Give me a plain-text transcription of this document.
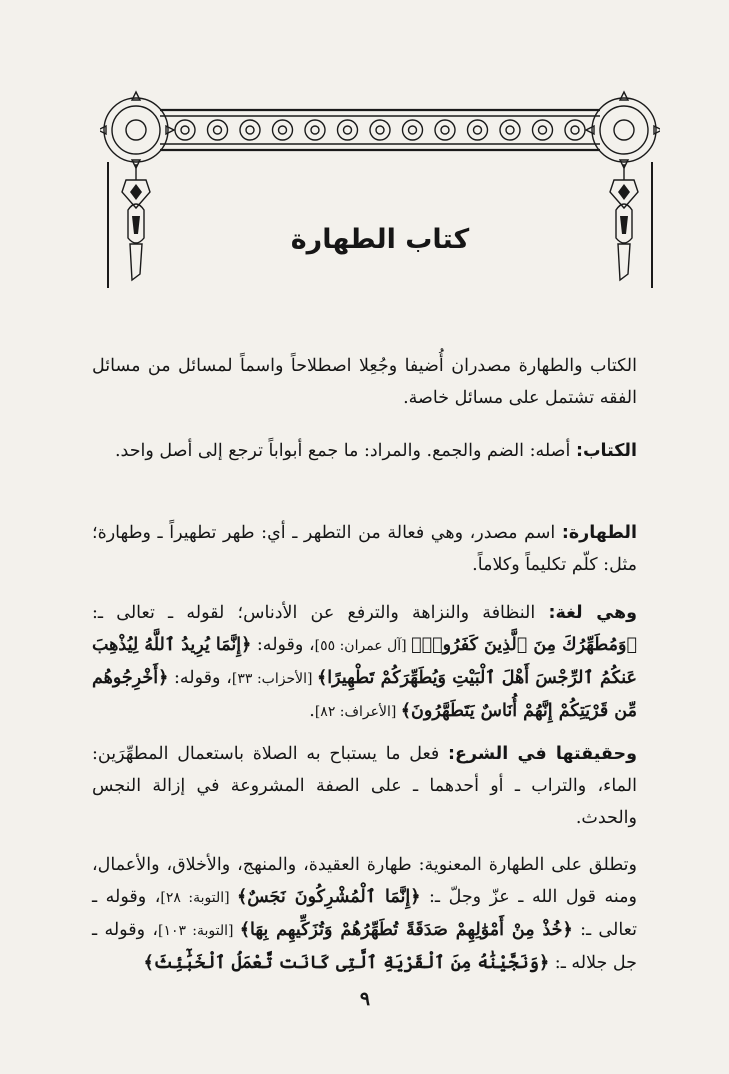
كتاب الطهارة

الكتاب والطهارة مصدران أُضيفا وجُعِلا اصطلاحاً واسماً لمسائل من مسائل الفقه تشتمل على مسائل خاصة.

الكتاب: أصله: الضم والجمع. والمراد: ما جمع أبواباً ترجع إلى أصل واحد.

الطهارة: اسم مصدر، وهي فعالة من التطهر ـ أي: طهر تطهيراً ـ وطهارة؛ مثل: كلّم تكليماً وكلاماً.

وهي لغة: النظافة والنزاهة والترفع عن الأدناس؛ لقوله ـ تعالى ـ: ﴿وَمُطَهِّرُكَ مِنَ ٱلَّذِينَ كَفَرُوا۟﴾ [آل عمران: ٥٥]، وقوله: ﴿إِنَّمَا يُرِيدُ ٱللَّهُ لِيُذْهِبَ عَنكُمُ ٱلرِّجْسَ أَهْلَ ٱلْبَيْتِ وَيُطَهِّرَكُمْ تَطْهِيرًا﴾ [الأحزاب: ٣٣]، وقوله: ﴿أَخْرِجُوهُم مِّن قَرْيَتِكُمْ إِنَّهُمْ أُنَاسٌ يَتَطَهَّرُونَ﴾ [الأعراف: ٨٢].

وحقيقتها في الشرع: فعل ما يستباح به الصلاة باستعمال المطهِّرَين: الماء، والتراب ـ أو أحدهما ـ على الصفة المشروعة في إزالة النجس والحدث.

وتطلق على الطهارة المعنوية: طهارة العقيدة، والمنهج، والأخلاق، والأعمال، ومنه قول الله ـ عزّ وجلّ ـ: ﴿إِنَّمَا ٱلْمُشْرِكُونَ نَجَسٌ﴾ [التوبة: ٢٨]، وقوله ـ تعالى ـ: ﴿خُذْ مِنْ أَمْوَٰلِهِمْ صَدَقَةً تُطَهِّرُهُمْ وَتُزَكِّيهِم بِهَا﴾ [التوبة: ١٠٣]، وقوله ـ جل جلاله ـ: ﴿وَنَجَّيْنَٰهُ مِنَ ٱلْقَرْيَةِ ٱلَّتِى كَانَت تَّعْمَلُ ٱلْخَبَٰٓئِثَ﴾

٩
